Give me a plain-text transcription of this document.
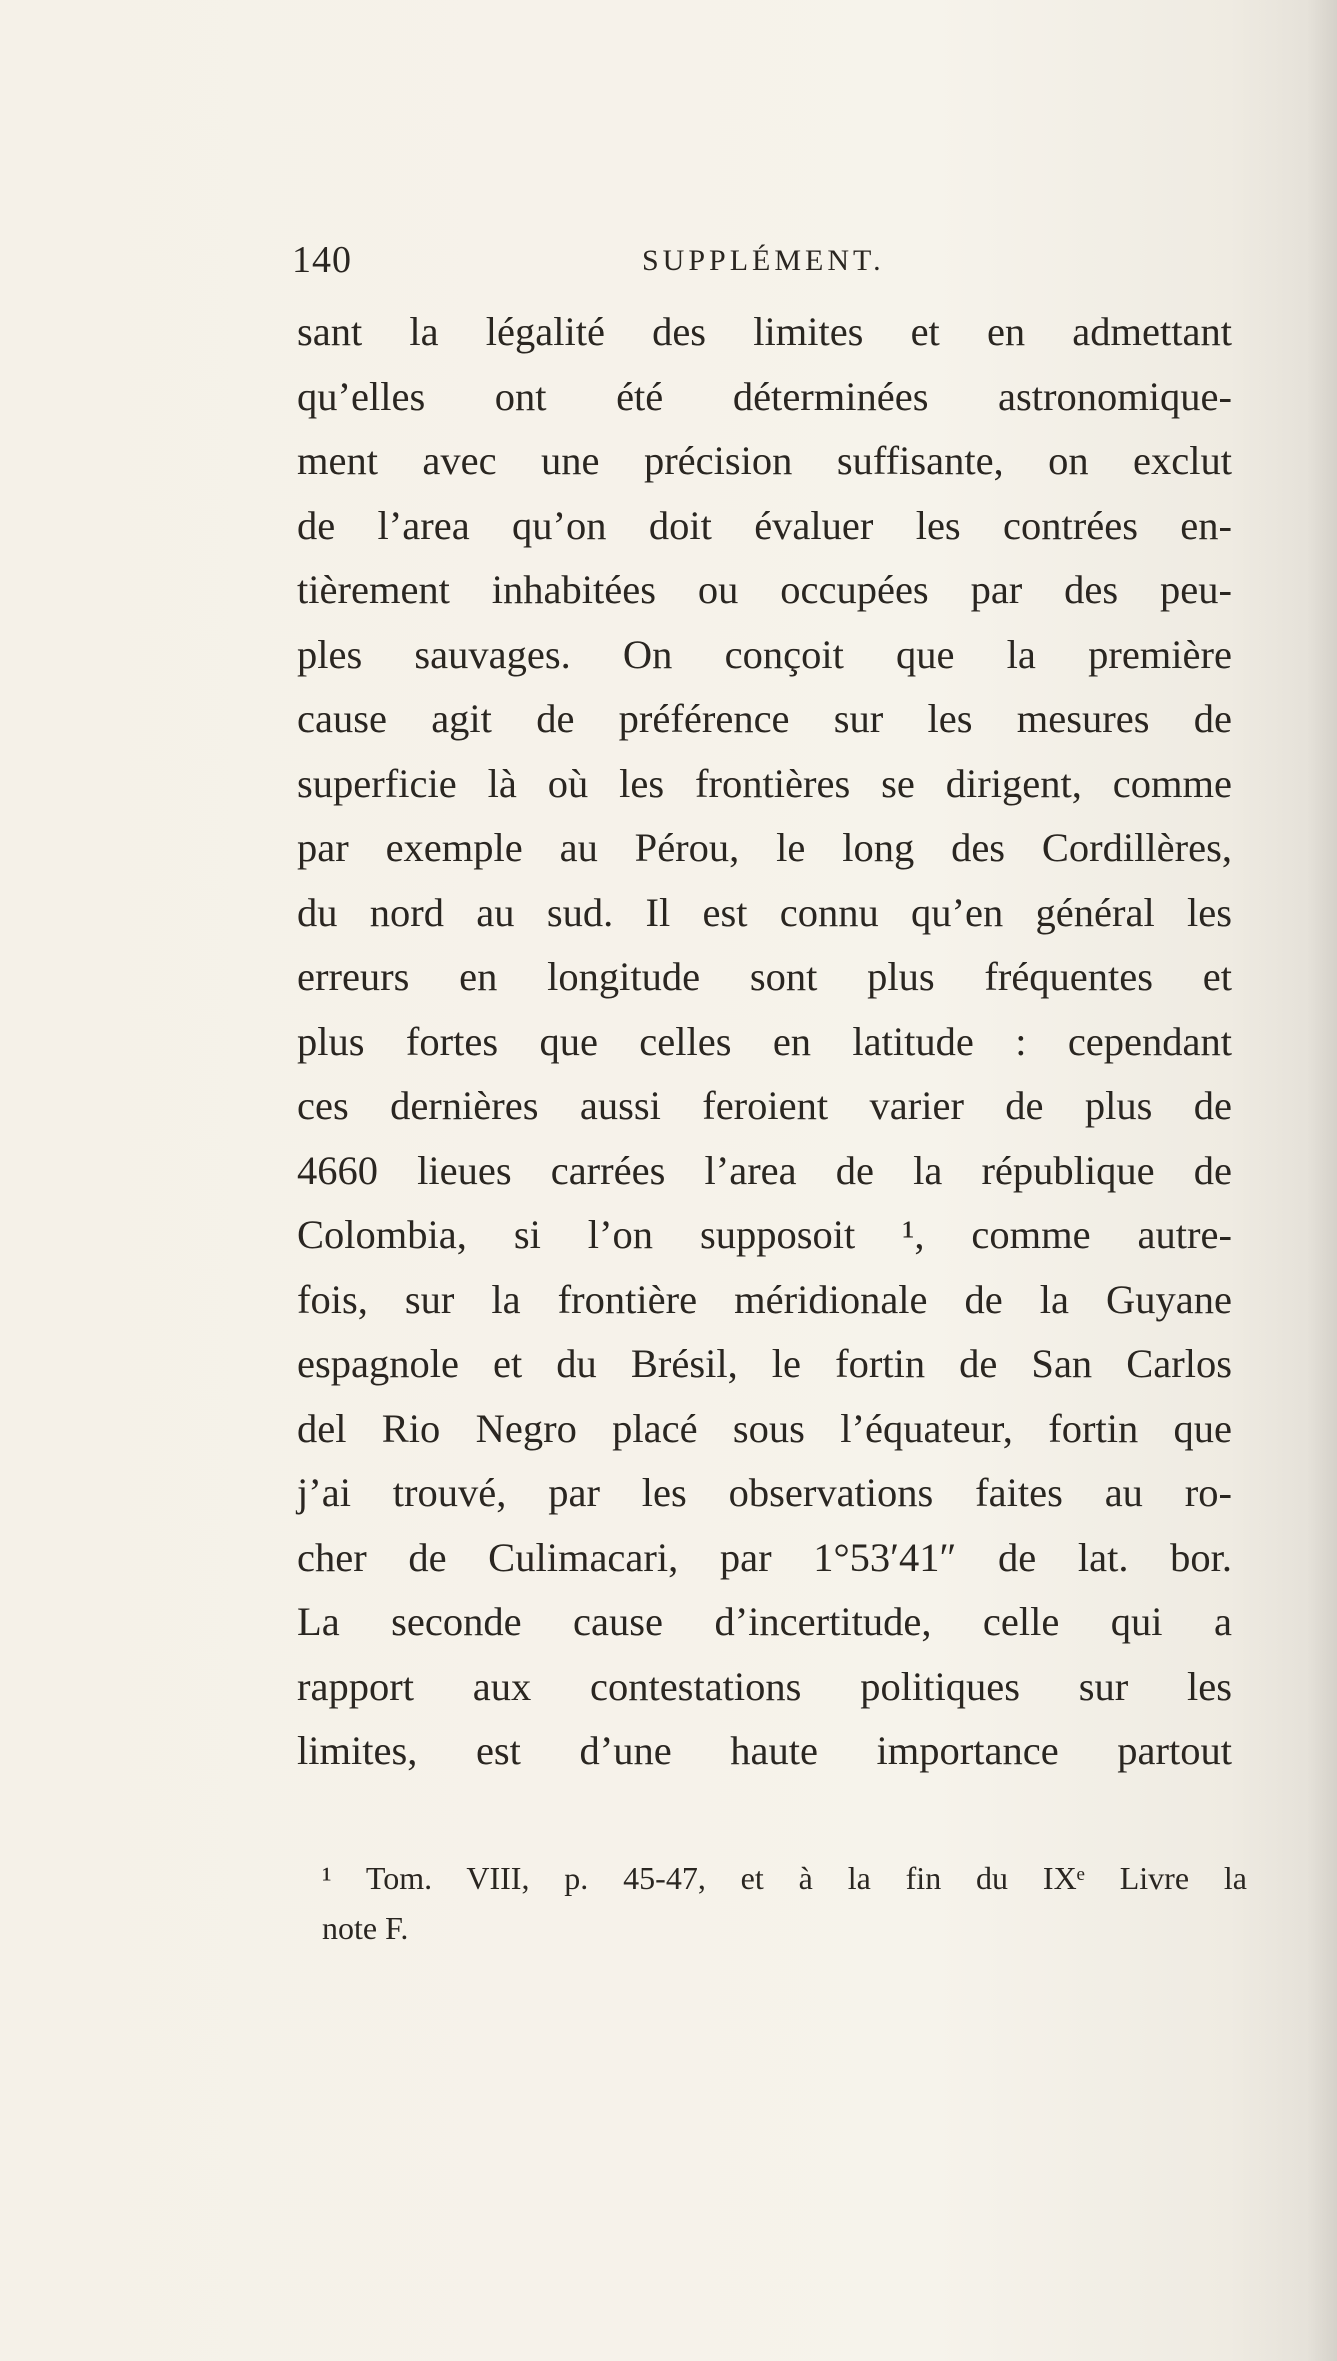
140	SUPPLÉMENT.
sant la légalité des limites et en admettant
qu’elles ont été déterminées astronomique-
ment avec une précision suffisante, on exclut
de l’area qu’on doit évaluer les contrées en-
tièrement inhabitées ou occupées par des peu-
ples sauvages. On conçoit que la première
cause agit de préférence sur les mesures de
superficie là où les frontières se dirigent, comme
par exemple au Pérou, le long des Cordillères,
du nord au sud. Il est connu qu’en général les
erreurs en longitude sont plus fréquentes et
plus fortes que celles en latitude : cependant
ces dernières aussi feroient varier de plus de
4660 lieues carrées l’area de la république de
Colombia, si l’on supposoit ¹, comme autre-
fois, sur la frontière méridionale de la Guyane
espagnole et du Brésil, le fortin de San Carlos
del Rio Negro placé sous l’équateur, fortin que
j’ai trouvé, par les observations faites au ro-
cher de Culimacari, par 1°53′41″ de lat. bor.
La seconde cause d’incertitude, celle qui a
rapport aux contestations politiques sur les
limites, est d’une haute importance partout
¹ Tom. VIII, p. 45-47, et à la fin du IXᵉ Livre la
note F.
